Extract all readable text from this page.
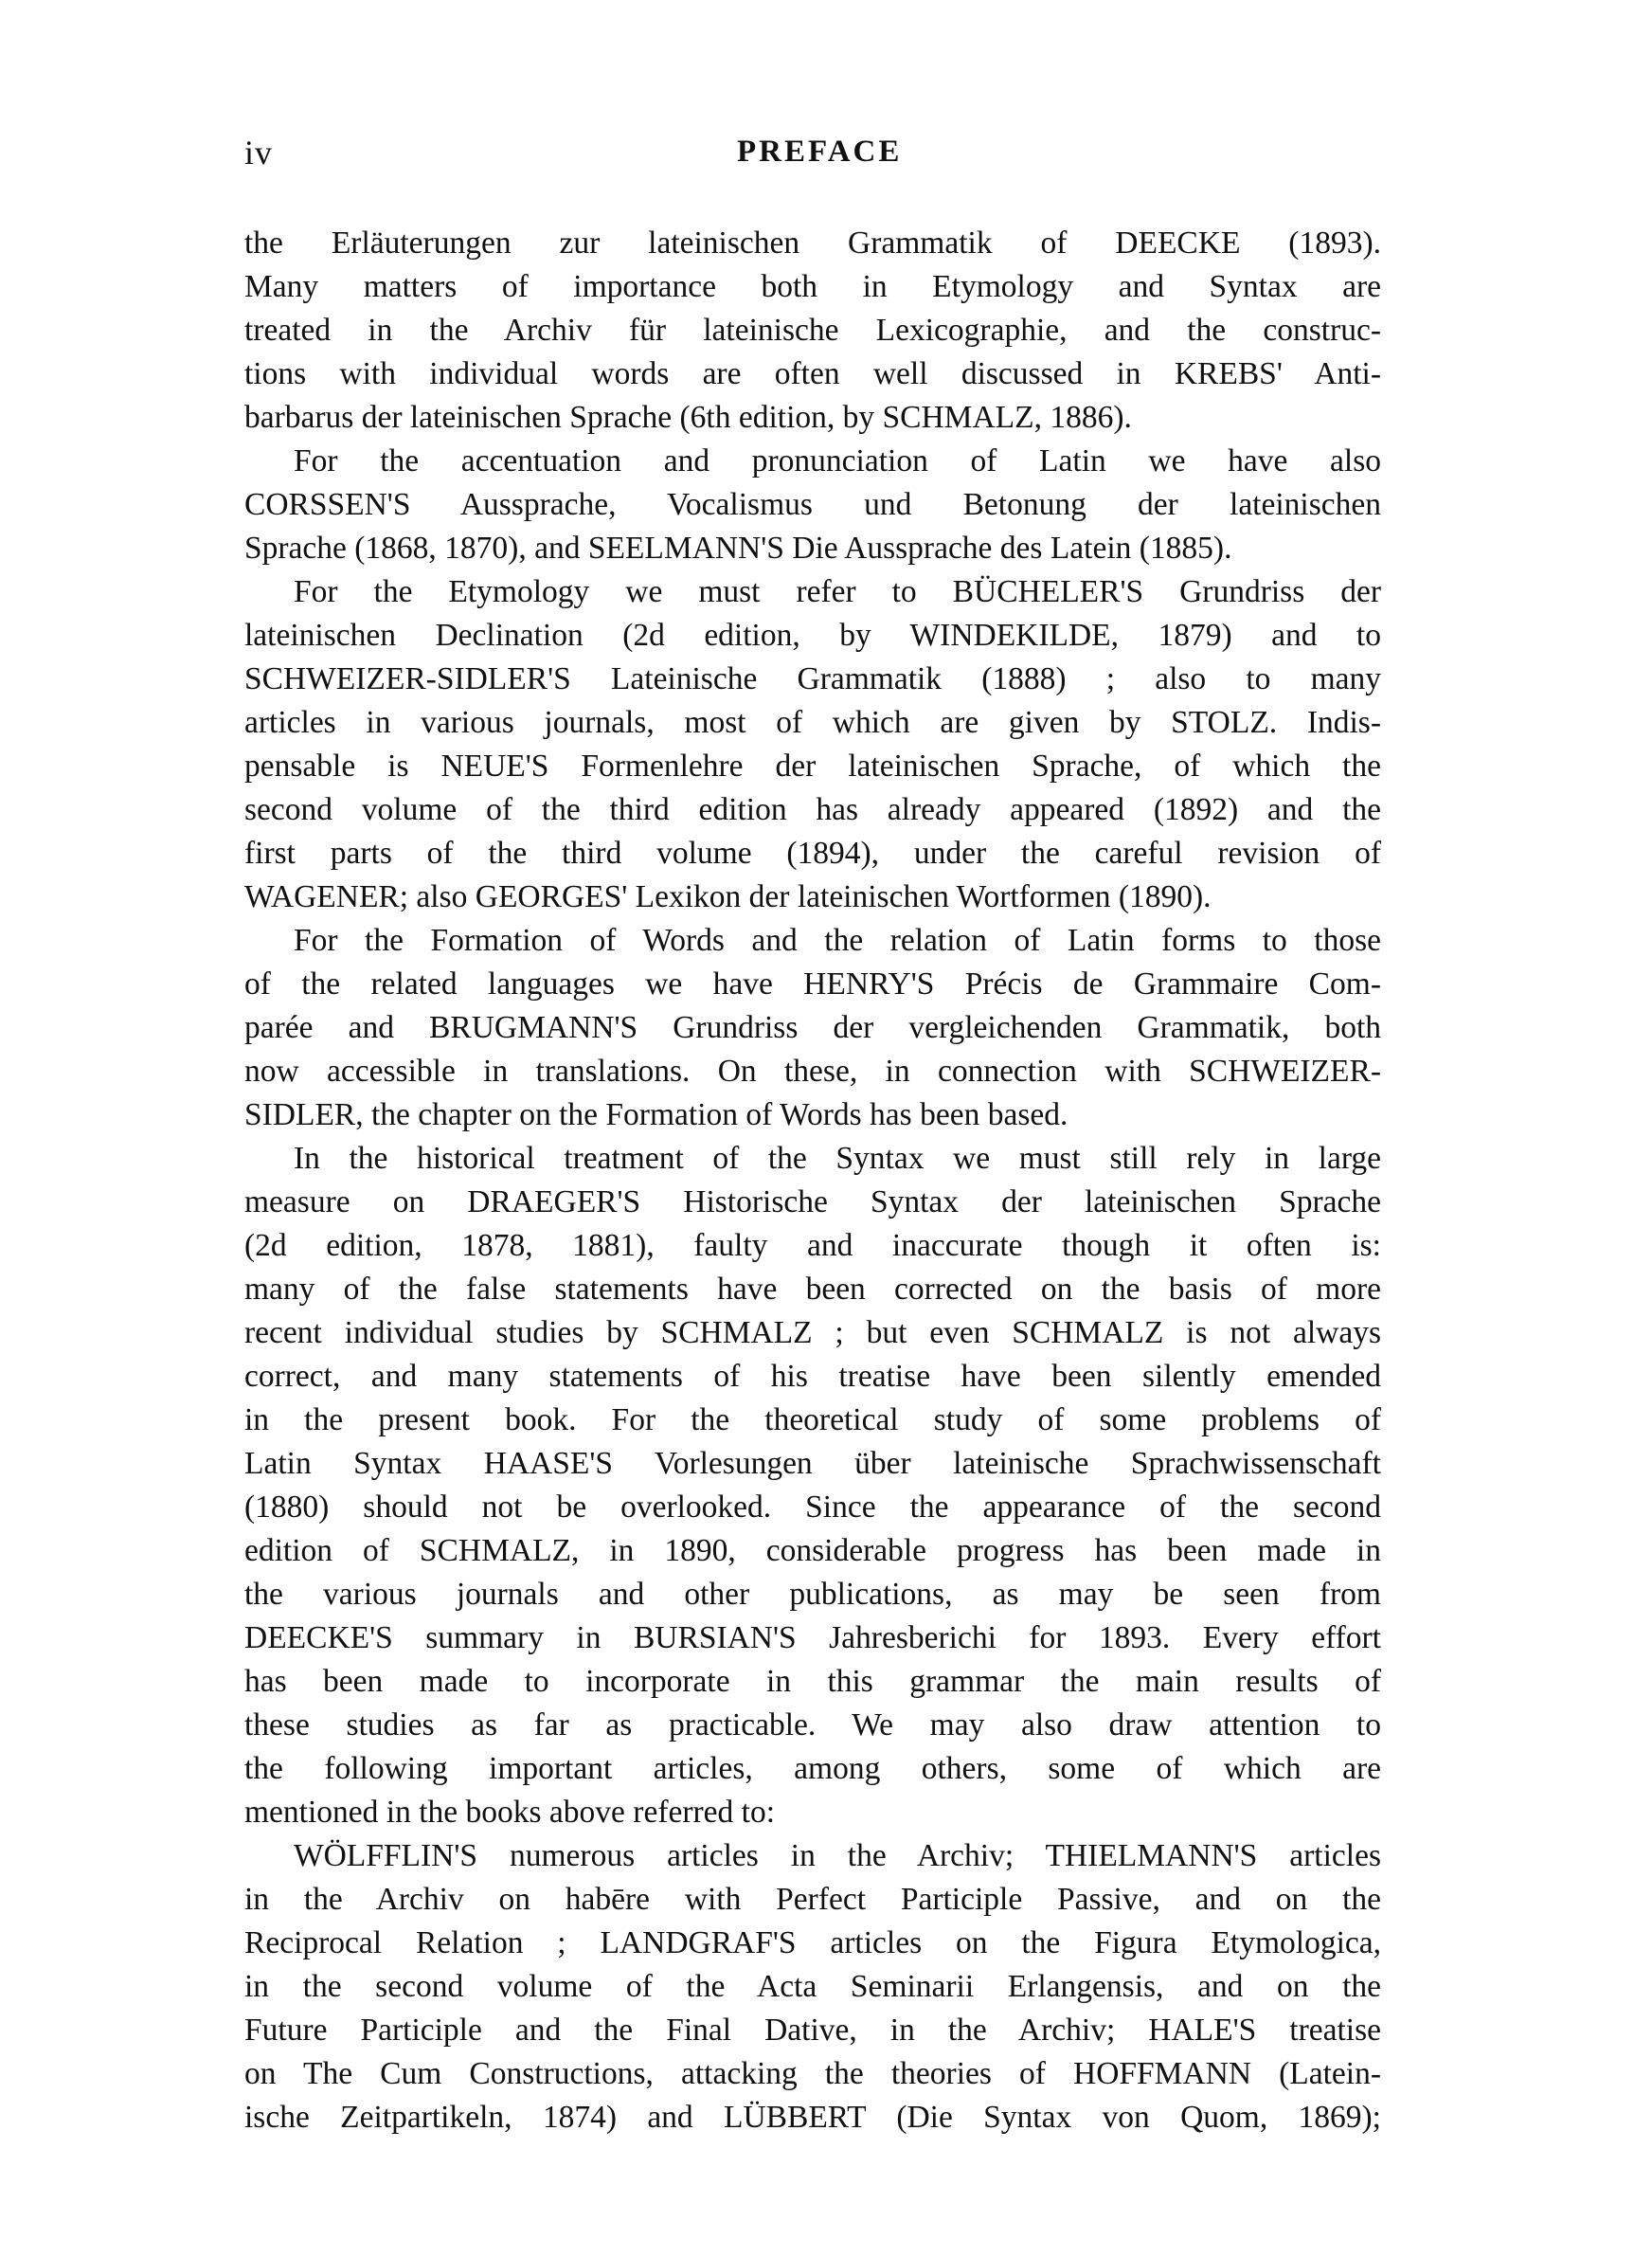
iv	PREFACE
the Erläuterungen zur lateinischen Grammatik of DEECKE (1893).
Many matters of importance both in Etymology and Syntax are
treated in the Archiv für lateinische Lexicographie, and the construc-
tions with individual words are often well discussed in KREBS' Anti-
barbarus der lateinischen Sprache (6th edition, by SCHMALZ, 1886).
For the accentuation and pronunciation of Latin we have also
CORSSEN'S Aussprache, Vocalismus und Betonung der lateinischen
Sprache (1868, 1870), and SEELMANN'S Die Aussprache des Latein (1885).
For the Etymology we must refer to BÜCHELER'S Grundriss der
lateinischen Declination (2d edition, by WINDEKILDE, 1879) and to
SCHWEIZER-SIDLER'S Lateinische Grammatik (1888) ; also to many
articles in various journals, most of which are given by STOLZ. Indis-
pensable is NEUE'S Formenlehre der lateinischen Sprache, of which the
second volume of the third edition has already appeared (1892) and the
first parts of the third volume (1894), under the careful revision of
WAGENER; also GEORGES' Lexikon der lateinischen Wortformen (1890).
For the Formation of Words and the relation of Latin forms to those
of the related languages we have HENRY'S Précis de Grammaire Com-
parée and BRUGMANN'S Grundriss der vergleichenden Grammatik, both
now accessible in translations. On these, in connection with SCHWEIZER-
SIDLER, the chapter on the Formation of Words has been based.
In the historical treatment of the Syntax we must still rely in large
measure on DRAEGER'S Historische Syntax der lateinischen Sprache
(2d edition, 1878, 1881), faulty and inaccurate though it often is:
many of the false statements have been corrected on the basis of more
recent individual studies by SCHMALZ ; but even SCHMALZ is not always
correct, and many statements of his treatise have been silently emended
in the present book. For the theoretical study of some problems of
Latin Syntax HAASE'S Vorlesungen über lateinische Sprachwissenschaft
(1880) should not be overlooked. Since the appearance of the second
edition of SCHMALZ, in 1890, considerable progress has been made in
the various journals and other publications, as may be seen from
DEECKE'S summary in BURSIAN'S Jahresberichi for 1893. Every effort
has been made to incorporate in this grammar the main results of
these studies as far as practicable. We may also draw attention to
the following important articles, among others, some of which are
mentioned in the books above referred to:
WÖLFFLIN'S numerous articles in the Archiv; THIELMANN'S articles
in the Archiv on habēre with Perfect Participle Passive, and on the
Reciprocal Relation ; LANDGRAF'S articles on the Figura Etymologica,
in the second volume of the Acta Seminarii Erlangensis, and on the
Future Participle and the Final Dative, in the Archiv; HALE'S treatise
on The Cum Constructions, attacking the theories of HOFFMANN (Latein-
ische Zeitpartikeln, 1874) and LÜBBERT (Die Syntax von Quom, 1869);
